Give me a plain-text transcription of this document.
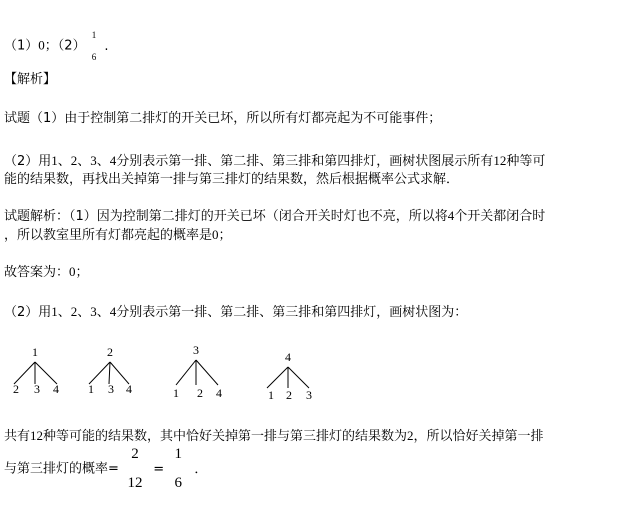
（1）0；（2）
1
6
.
【解析】
试题（1）由于控制第二排灯的开关已坏，所以所有灯都亮起为不可能事件；
（2）用1、2、3、4分别表示第一排、第二排、第三排和第四排灯，画树状图展示所有12种等可
能的结果数，再找出关掉第一排与第三排灯的结果数，然后根据概率公式求解．
试题解析：（1）因为控制第二排灯的开关已坏（闭合开关时灯也不亮，所以将4个开关都闭合时
，所以教室里所有灯都亮起的概率是0；
故答案为：0；
（2）用1、2、3、4分别表示第一排、第二排、第三排和第四排灯，画树状图为：
1
2 3 4
2
1 3 4
3
1 2 4
4
1 2 3
共有12种等可能的结果数，其中恰好关掉第一排与第三排灯的结果数为2，所以恰好关掉第一排
与第三排灯的概率=
2
12
=
1
6
．
